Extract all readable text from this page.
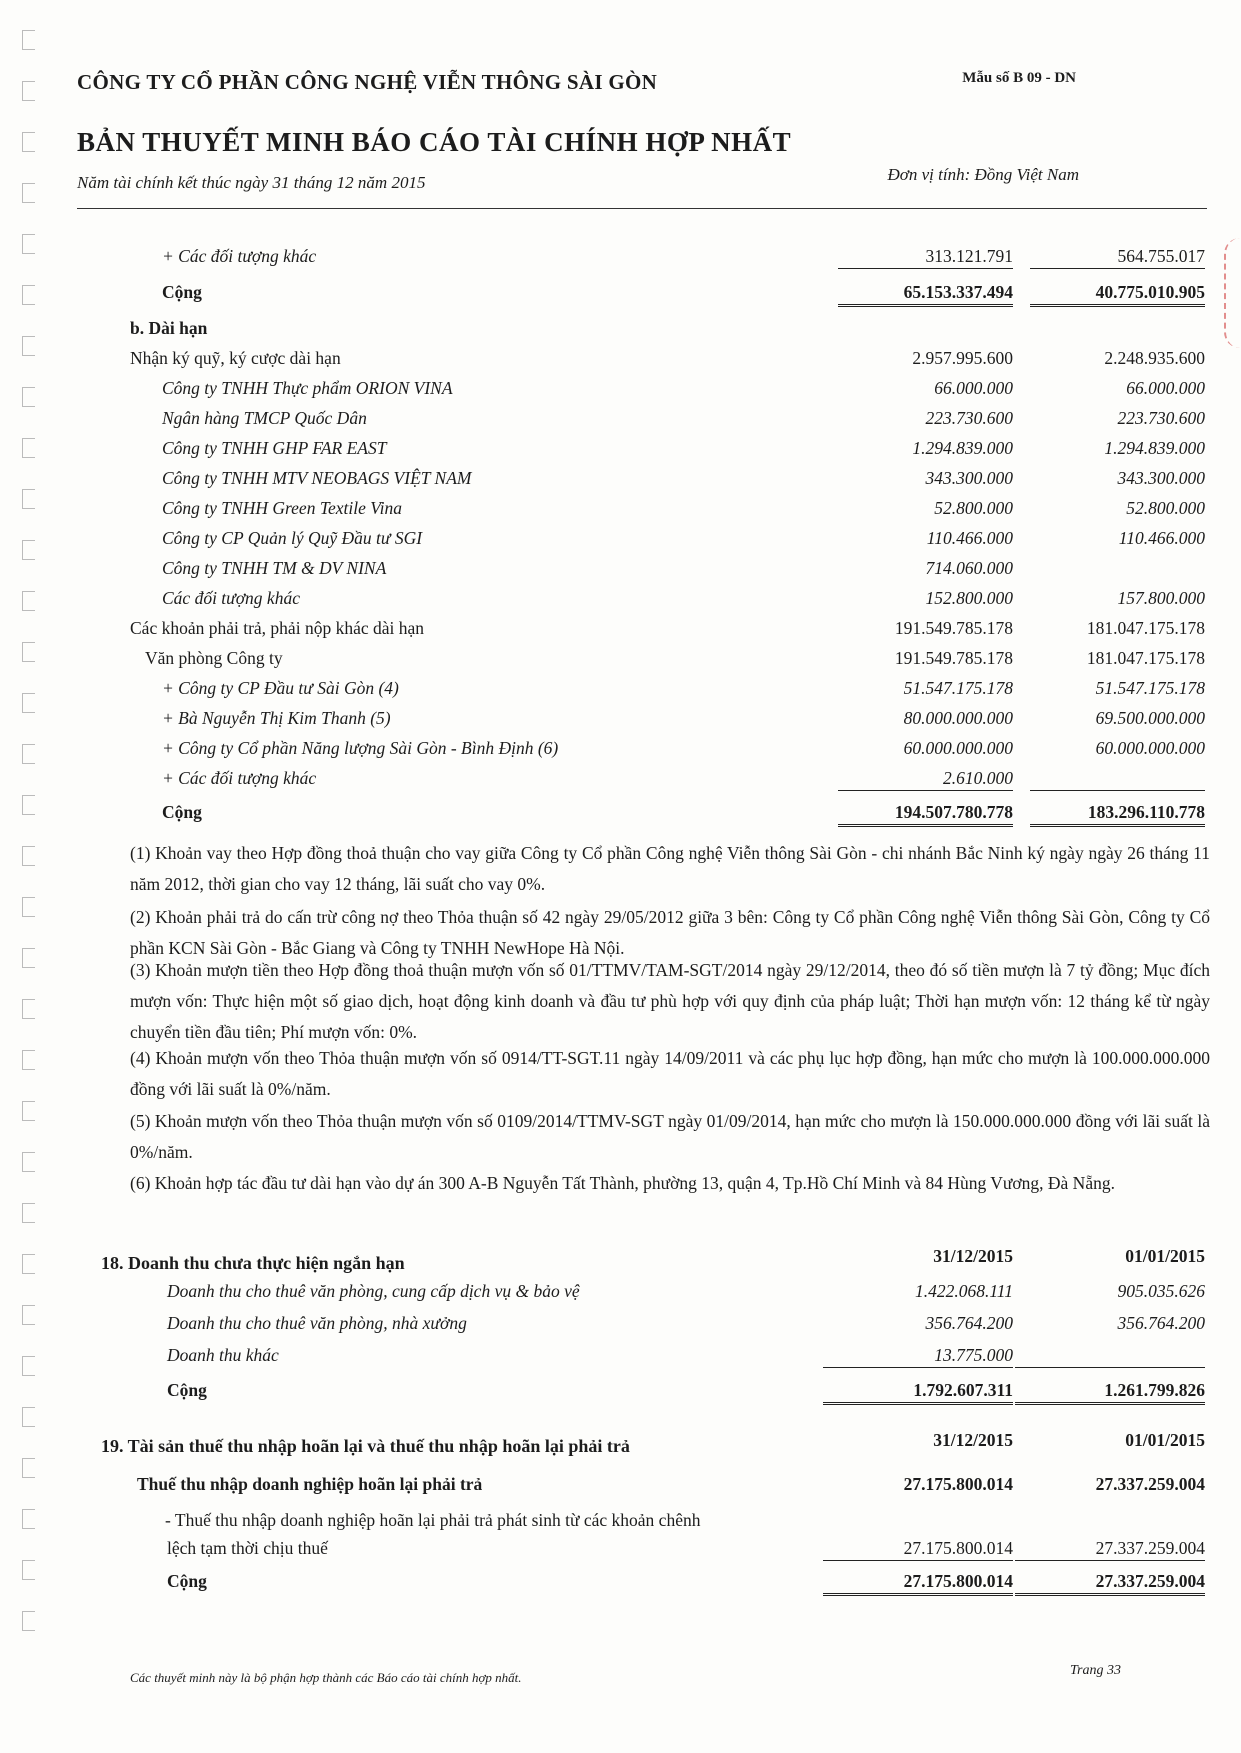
CÔNG TY CỔ PHẦN CÔNG NGHỆ VIỄN THÔNG SÀI GÒN	Mẫu số B 09 - DN
BẢN THUYẾT MINH BÁO CÁO TÀI CHÍNH HỢP NHẤT
Năm tài chính kết thúc ngày 31 tháng 12 năm 2015	Đơn vị tính: Đồng Việt Nam
+ Các đối tượng khác	313.121.791	564.755.017
Cộng	65.153.337.494	40.775.010.905
b. Dài hạn
Nhận ký quỹ, ký cược dài hạn	2.957.995.600	2.248.935.600
Công ty TNHH Thực phẩm ORION VINA	66.000.000	66.000.000
Ngân hàng TMCP Quốc Dân	223.730.600	223.730.600
Công ty TNHH GHP FAR EAST	1.294.839.000	1.294.839.000
Công ty TNHH MTV NEOBAGS VIỆT NAM	343.300.000	343.300.000
Công ty TNHH Green Textile Vina	52.800.000	52.800.000
Công ty CP Quản lý Quỹ Đầu tư SGI	110.466.000	110.466.000
Công ty TNHH TM & DV NINA	714.060.000
Các đối tượng khác	152.800.000	157.800.000
Các khoản phải trả, phải nộp khác dài hạn	191.549.785.178	181.047.175.178
Văn phòng Công ty	191.549.785.178	181.047.175.178
+ Công ty CP Đầu tư Sài Gòn (4)	51.547.175.178	51.547.175.178
+ Bà Nguyễn Thị Kim Thanh (5)	80.000.000.000	69.500.000.000
+ Công ty Cổ phần Năng lượng Sài Gòn - Bình Định (6)	60.000.000.000	60.000.000.000
+ Các đối tượng khác	2.610.000
Cộng	194.507.780.778	183.296.110.778
(1) Khoản vay theo Hợp đồng thoả thuận cho vay giữa Công ty Cổ phần Công nghệ Viễn thông Sài Gòn - chi nhánh Bắc Ninh ký ngày ngày 26 tháng 11 năm 2012, thời gian cho vay 12 tháng, lãi suất cho vay 0%.
(2) Khoản phải trả do cấn trừ công nợ theo Thỏa thuận số 42 ngày 29/05/2012 giữa 3 bên: Công ty Cổ phần Công nghệ Viễn thông Sài Gòn, Công ty Cổ phần KCN Sài Gòn - Bắc Giang và Công ty TNHH NewHope Hà Nội.
(3) Khoản mượn tiền theo Hợp đồng thoả thuận mượn vốn số 01/TTMV/TAM-SGT/2014 ngày 29/12/2014, theo đó số tiền mượn là 7 tỷ đồng; Mục đích mượn vốn: Thực hiện một số giao dịch, hoạt động kinh doanh và đầu tư phù hợp với quy định của pháp luật; Thời hạn mượn vốn: 12 tháng kể từ ngày chuyển tiền đầu tiên; Phí mượn vốn: 0%.
(4) Khoản mượn vốn theo Thỏa thuận mượn vốn số 0914/TT-SGT.11 ngày 14/09/2011 và các phụ lục hợp đồng, hạn mức cho mượn là 100.000.000.000 đồng với lãi suất là 0%/năm.
(5) Khoản mượn vốn theo Thỏa thuận mượn vốn số 0109/2014/TTMV-SGT ngày 01/09/2014, hạn mức cho mượn là 150.000.000.000 đồng với lãi suất là 0%/năm.
(6) Khoản hợp tác đầu tư dài hạn vào dự án 300 A-B Nguyễn Tất Thành, phường 13, quận 4, Tp.Hồ Chí Minh và 84 Hùng Vương, Đà Nẵng.
18. Doanh thu chưa thực hiện ngắn hạn	31/12/2015	01/01/2015
Doanh thu cho thuê văn phòng, cung cấp dịch vụ & bảo vệ	1.422.068.111	905.035.626
Doanh thu cho thuê văn phòng, nhà xưởng	356.764.200	356.764.200
Doanh thu khác	13.775.000
Cộng	1.792.607.311	1.261.799.826
19. Tài sản thuế thu nhập hoãn lại và thuế thu nhập hoãn lại phải trả	31/12/2015	01/01/2015
Thuế thu nhập doanh nghiệp hoãn lại phải trả	27.175.800.014	27.337.259.004
- Thuế thu nhập doanh nghiệp hoãn lại phải trả phát sinh từ các khoản chênh
lệch tạm thời chịu thuế	27.175.800.014	27.337.259.004
Cộng	27.175.800.014	27.337.259.004
Các thuyết minh này là bộ phận hợp thành các Báo cáo tài chính hợp nhất.	Trang 33
